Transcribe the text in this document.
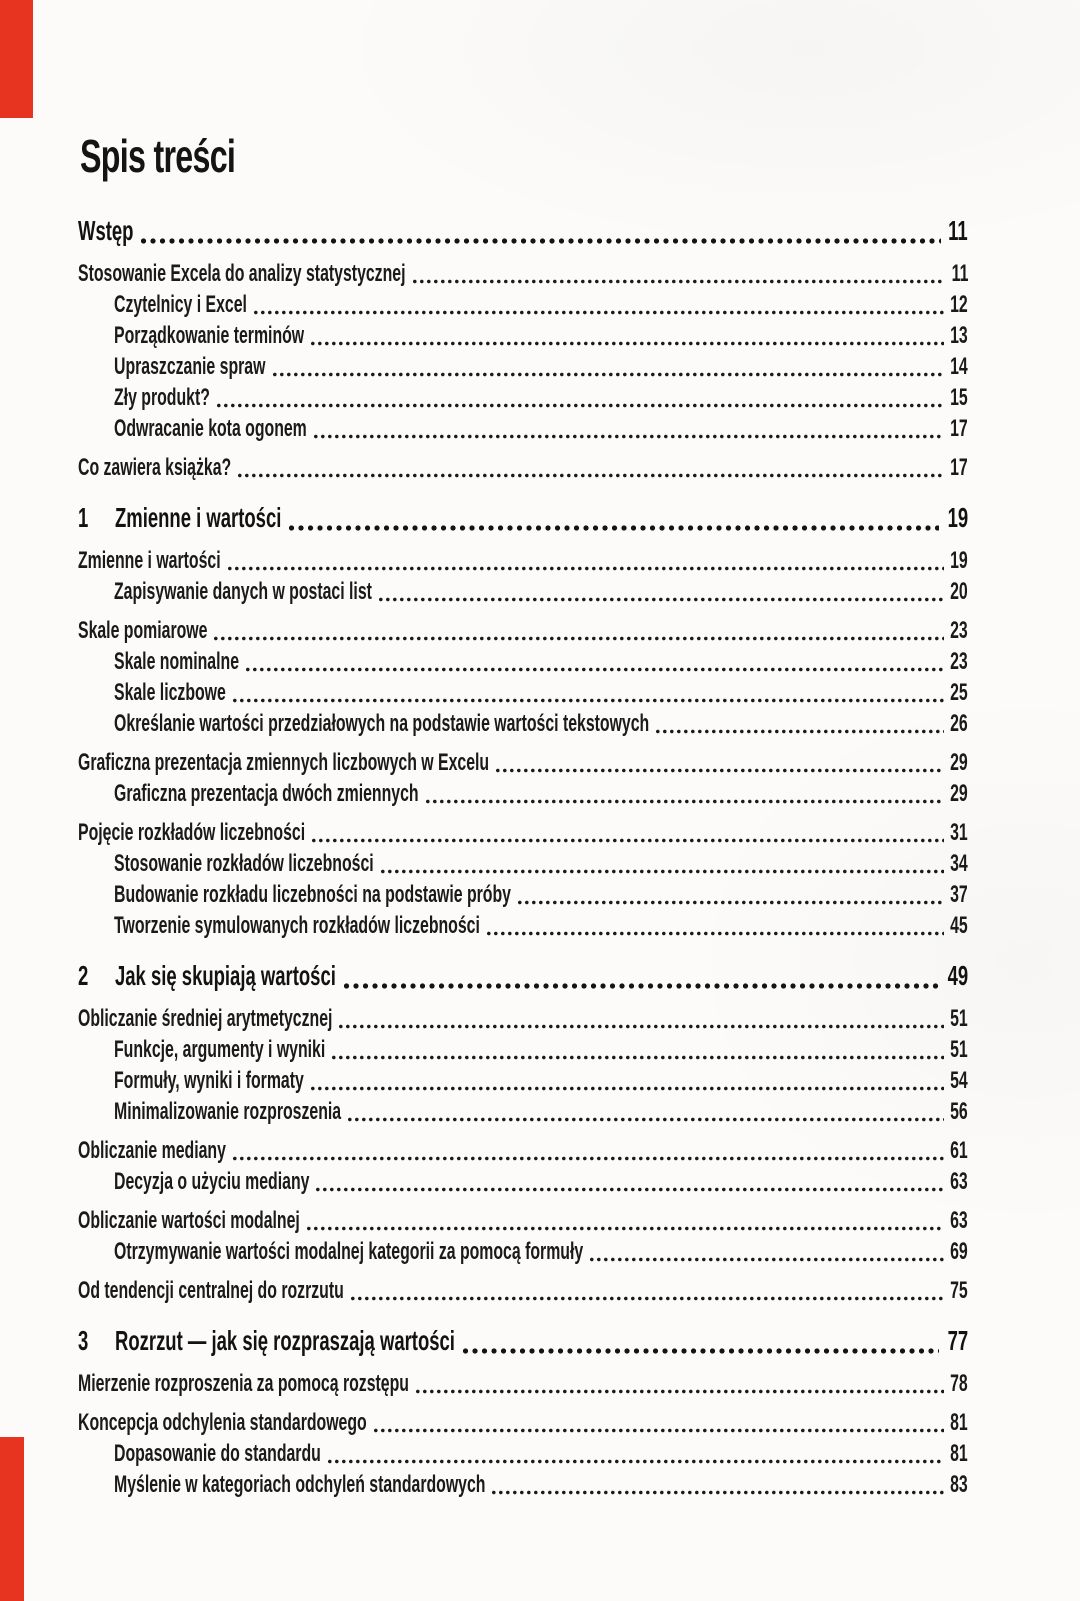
Spis treści
Wstęp	11
Stosowanie Excela do analizy statystycznej	11
Czytelnicy i Excel	12
Porządkowanie terminów	13
Upraszczanie spraw	14
Zły produkt?	15
Odwracanie kota ogonem	17
Co zawiera książka?	17
1 Zmienne i wartości	19
Zmienne i wartości	19
Zapisywanie danych w postaci list	20
Skale pomiarowe	23
Skale nominalne	23
Skale liczbowe	25
Określanie wartości przedziałowych na podstawie wartości tekstowych	26
Graficzna prezentacja zmiennych liczbowych w Excelu	29
Graficzna prezentacja dwóch zmiennych	29
Pojęcie rozkładów liczebności	31
Stosowanie rozkładów liczebności	34
Budowanie rozkładu liczebności na podstawie próby	37
Tworzenie symulowanych rozkładów liczebności	45
2 Jak się skupiają wartości	49
Obliczanie średniej arytmetycznej	51
Funkcje, argumenty i wyniki	51
Formuły, wyniki i formaty	54
Minimalizowanie rozproszenia	56
Obliczanie mediany	61
Decyzja o użyciu mediany	63
Obliczanie wartości modalnej	63
Otrzymywanie wartości modalnej kategorii za pomocą formuły	69
Od tendencji centralnej do rozrzutu	75
3 Rozrzut — jak się rozpraszają wartości	77
Mierzenie rozproszenia za pomocą rozstępu	78
Koncepcja odchylenia standardowego	81
Dopasowanie do standardu	81
Myślenie w kategoriach odchyleń standardowych	83
